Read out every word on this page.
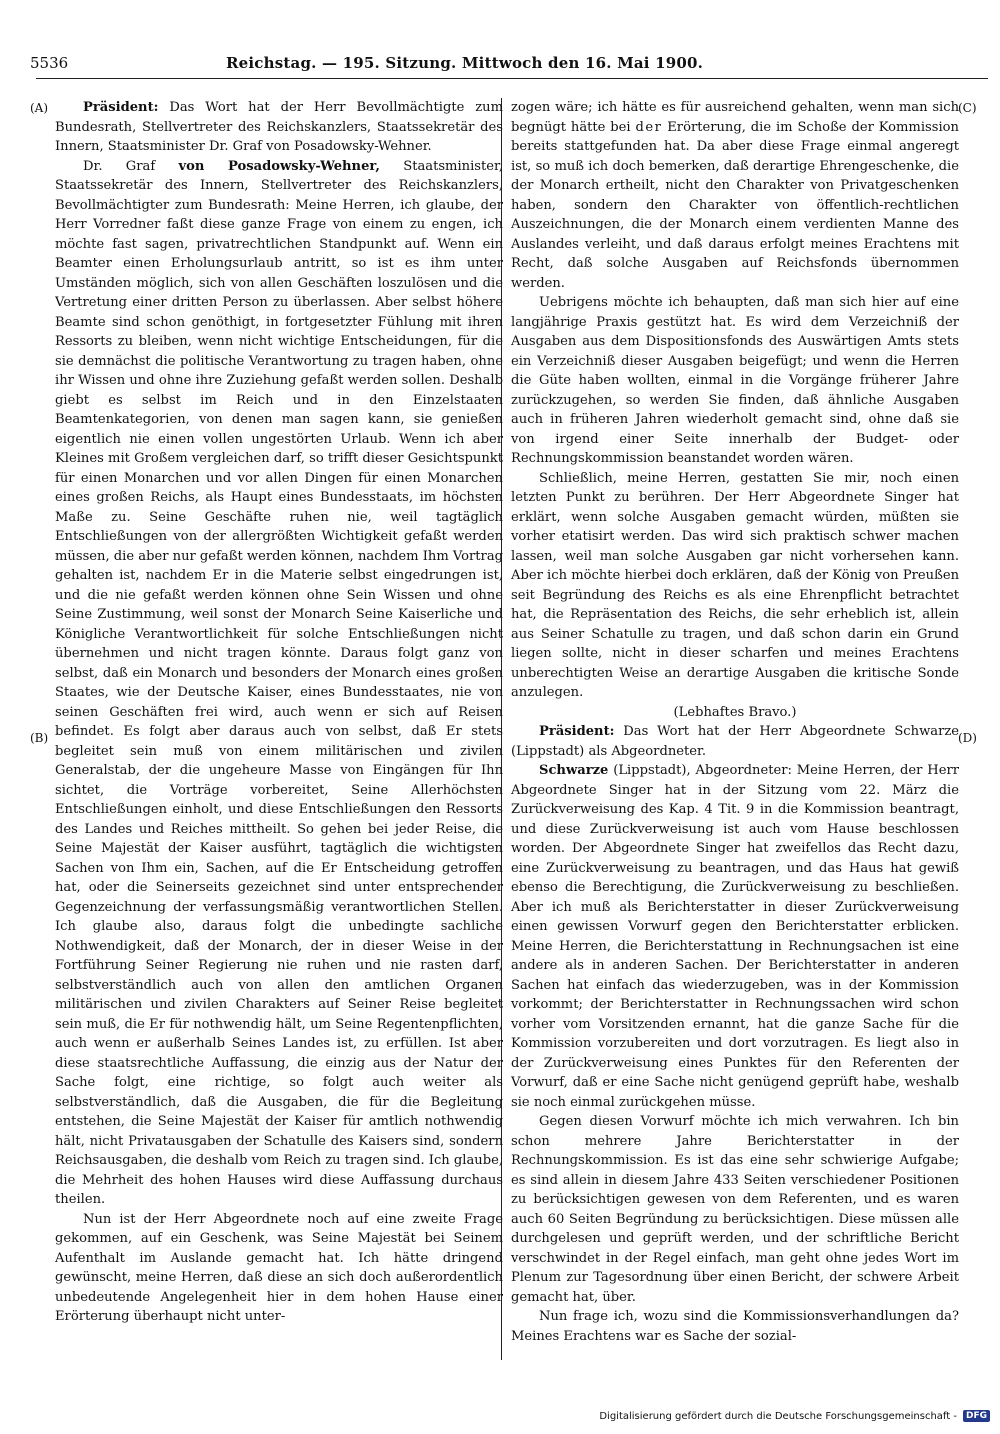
5536	Reichstag. — 195. Sitzung. Mittwoch den 16. Mai 1900.
(A)
(B)
(C)
(D)

Präsident: Das Wort hat der Herr Bevollmächtigte zum Bundesrath, Stellvertreter des Reichskanzlers, Staatssekretär des Innern, Staatsminister Dr. Graf von Posadowsky-Wehner.

Dr. Graf von Posadowsky-Wehner, Staatsminister, Staatssekretär des Innern, Stellvertreter des Reichskanzlers, Bevollmächtigter zum Bundesrath: Meine Herren, ich glaube, der Herr Vorredner faßt diese ganze Frage von einem zu engen, ich möchte fast sagen, privatrechtlichen Standpunkt auf. Wenn ein Beamter einen Erholungsurlaub antritt, so ist es ihm unter Umständen möglich, sich von allen Geschäften loszulösen und die Vertretung einer dritten Person zu überlassen. Aber selbst höhere Beamte sind schon genöthigt, in fortgesetzter Fühlung mit ihren Ressorts zu bleiben, wenn nicht wichtige Entscheidungen, für die sie demnächst die politische Verantwortung zu tragen haben, ohne ihr Wissen und ohne ihre Zuziehung gefaßt werden sollen. Deshalb giebt es selbst im Reich und in den Einzelstaaten Beamtenkategorien, von denen man sagen kann, sie genießen eigentlich nie einen vollen ungestörten Urlaub. Wenn ich aber Kleines mit Großem vergleichen darf, so trifft dieser Gesichtspunkt für einen Monarchen und vor allen Dingen für einen Monarchen eines großen Reichs, als Haupt eines Bundesstaats, im höchsten Maße zu. Seine Geschäfte ruhen nie, weil tagtäglich Entschließungen von der allergrößten Wichtigkeit gefaßt werden müssen, die aber nur gefaßt werden können, nachdem Ihm Vortrag gehalten ist, nachdem Er in die Materie selbst eingedrungen ist, und die nie gefaßt werden können ohne Sein Wissen und ohne Seine Zustimmung, weil sonst der Monarch Seine Kaiserliche und Königliche Verantwortlichkeit für solche Entschließungen nicht übernehmen und nicht tragen könnte. Daraus folgt ganz von selbst, daß ein Monarch und besonders der Monarch eines großen Staates, wie der Deutsche Kaiser, eines Bundesstaates, nie von seinen Geschäften frei wird, auch wenn er sich auf Reisen befindet. Es folgt aber daraus auch von selbst, daß Er stets begleitet sein muß von einem militärischen und zivilen Generalstab, der die ungeheure Masse von Eingängen für Ihn sichtet, die Vorträge vorbereitet, Seine Allerhöchsten Entschließungen einholt, und diese Entschließungen den Ressorts des Landes und Reiches mittheilt. So gehen bei jeder Reise, die Seine Majestät der Kaiser ausführt, tagtäglich die wichtigsten Sachen von Ihm ein, Sachen, auf die Er Entscheidung getroffen hat, oder die Seinerseits gezeichnet sind unter entsprechender Gegenzeichnung der verfassungsmäßig verantwortlichen Stellen. Ich glaube also, daraus folgt die unbedingte sachliche Nothwendigkeit, daß der Monarch, der in dieser Weise in der Fortführung Seiner Regierung nie ruhen und nie rasten darf, selbstverständlich auch von allen den amtlichen Organen militärischen und zivilen Charakters auf Seiner Reise begleitet sein muß, die Er für nothwendig hält, um Seine Regentenpflichten, auch wenn er außerhalb Seines Landes ist, zu erfüllen. Ist aber diese staatsrechtliche Auffassung, die einzig aus der Natur der Sache folgt, eine richtige, so folgt auch weiter als selbstverständlich, daß die Ausgaben, die für die Begleitung entstehen, die Seine Majestät der Kaiser für amtlich nothwendig hält, nicht Privatausgaben der Schatulle des Kaisers sind, sondern Reichsausgaben, die deshalb vom Reich zu tragen sind. Ich glaube, die Mehrheit des hohen Hauses wird diese Auffassung durchaus theilen.

Nun ist der Herr Abgeordnete noch auf eine zweite Frage gekommen, auf ein Geschenk, was Seine Majestät bei Seinem Aufenthalt im Auslande gemacht hat. Ich hätte dringend gewünscht, meine Herren, daß diese an sich doch außerordentlich unbedeutende Angelegenheit hier in dem hohen Hause einer Erörterung überhaupt nicht unter-

zogen wäre; ich hätte es für ausreichend gehalten, wenn man sich begnügt hätte bei der Erörterung, die im Schoße der Kommission bereits stattgefunden hat. Da aber diese Frage einmal angeregt ist, so muß ich doch bemerken, daß derartige Ehrengeschenke, die der Monarch ertheilt, nicht den Charakter von Privatgeschenken haben, sondern den Charakter von öffentlich-rechtlichen Auszeichnungen, die der Monarch einem verdienten Manne des Auslandes verleiht, und daß daraus erfolgt meines Erachtens mit Recht, daß solche Ausgaben auf Reichsfonds übernommen werden.

Uebrigens möchte ich behaupten, daß man sich hier auf eine langjährige Praxis gestützt hat. Es wird dem Verzeichniß der Ausgaben aus dem Dispositionsfonds des Auswärtigen Amts stets ein Verzeichniß dieser Ausgaben beigefügt; und wenn die Herren die Güte haben wollten, einmal in die Vorgänge früherer Jahre zurückzugehen, so werden Sie finden, daß ähnliche Ausgaben auch in früheren Jahren wiederholt gemacht sind, ohne daß sie von irgend einer Seite innerhalb der Budget- oder Rechnungskommission beanstandet worden wären.

Schließlich, meine Herren, gestatten Sie mir, noch einen letzten Punkt zu berühren. Der Herr Abgeordnete Singer hat erklärt, wenn solche Ausgaben gemacht würden, müßten sie vorher etatisirt werden. Das wird sich praktisch schwer machen lassen, weil man solche Ausgaben gar nicht vorhersehen kann. Aber ich möchte hierbei doch erklären, daß der König von Preußen seit Begründung des Reichs es als eine Ehrenpflicht betrachtet hat, die Repräsentation des Reichs, die sehr erheblich ist, allein aus Seiner Schatulle zu tragen, und daß schon darin ein Grund liegen sollte, nicht in dieser scharfen und meines Erachtens unberechtigten Weise an derartige Ausgaben die kritische Sonde anzulegen.

(Lebhaftes Bravo.)

Präsident: Das Wort hat der Herr Abgeordnete Schwarze (Lippstadt) als Abgeordneter.

Schwarze (Lippstadt), Abgeordneter: Meine Herren, der Herr Abgeordnete Singer hat in der Sitzung vom 22. März die Zurückverweisung des Kap. 4 Tit. 9 in die Kommission beantragt, und diese Zurückverweisung ist auch vom Hause beschlossen worden. Der Abgeordnete Singer hat zweifellos das Recht dazu, eine Zurückverweisung zu beantragen, und das Haus hat gewiß ebenso die Berechtigung, die Zurückverweisung zu beschließen. Aber ich muß als Berichterstatter in dieser Zurückverweisung einen gewissen Vorwurf gegen den Berichterstatter erblicken. Meine Herren, die Berichterstattung in Rechnungsachen ist eine andere als in anderen Sachen. Der Berichterstatter in anderen Sachen hat einfach das wiederzugeben, was in der Kommission vorkommt; der Berichterstatter in Rechnungssachen wird schon vorher vom Vorsitzenden ernannt, hat die ganze Sache für die Kommission vorzubereiten und dort vorzutragen. Es liegt also in der Zurückverweisung eines Punktes für den Referenten der Vorwurf, daß er eine Sache nicht genügend geprüft habe, weshalb sie noch einmal zurückgehen müsse.

Gegen diesen Vorwurf möchte ich mich verwahren. Ich bin schon mehrere Jahre Berichterstatter in der Rechnungskommission. Es ist das eine sehr schwierige Aufgabe; es sind allein in diesem Jahre 433 Seiten verschiedener Positionen zu berücksichtigen gewesen von dem Referenten, und es waren auch 60 Seiten Begründung zu berücksichtigen. Diese müssen alle durchgelesen und geprüft werden, und der schriftliche Bericht verschwindet in der Regel einfach, man geht ohne jedes Wort im Plenum zur Tagesordnung über einen Bericht, der schwere Arbeit gemacht hat, über.

Nun frage ich, wozu sind die Kommissionsverhandlungen da? Meines Erachtens war es Sache der sozial-

Digitalisierung gefördert durch die Deutsche Forschungsgemeinschaft -	DFG
